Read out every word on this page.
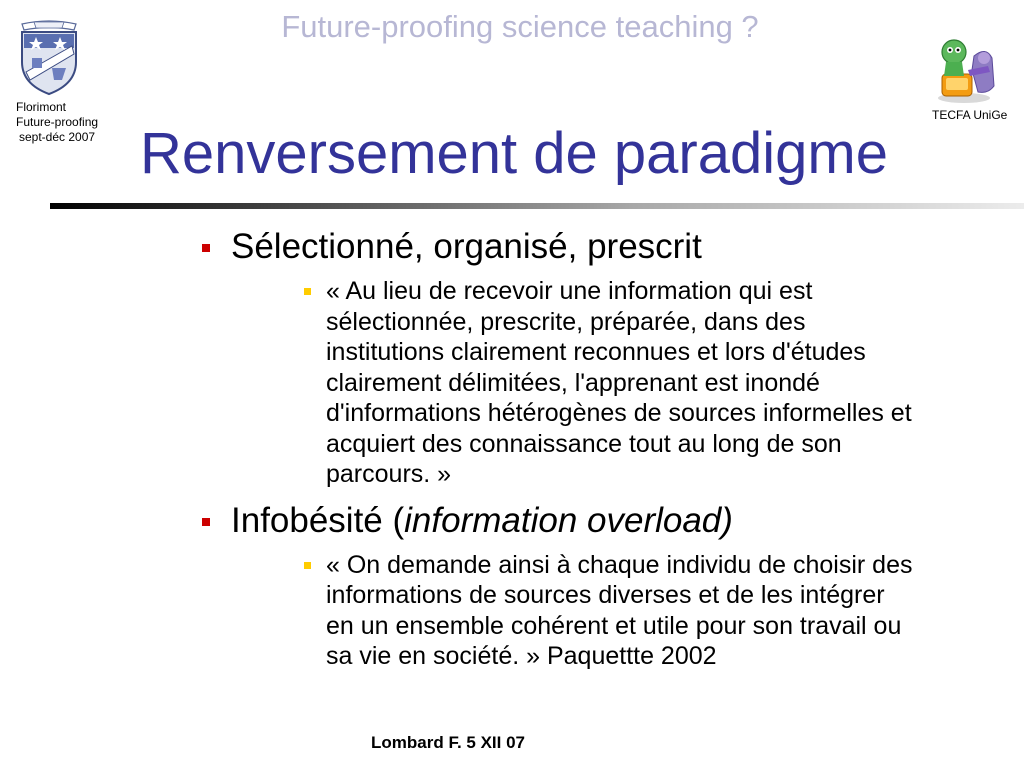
Future-proofing science teaching ?
Florimont
Future-proofing
sept-déc 2007
TECFA UniGe
Renversement de paradigme
Sélectionné, organisé, prescrit
« Au lieu de recevoir une information qui est
sélectionnée, prescrite, préparée, dans des
institutions clairement reconnues et lors d'études
clairement délimitées, l'apprenant est inondé
d'informations hétérogènes de sources informelles et
acquiert des connaissance tout au long de son
parcours. »
Infobésité (information overload)
« On demande ainsi à chaque individu de choisir des
informations de sources diverses et de les intégrer
en un ensemble cohérent et utile pour son travail ou
sa vie en société. » Paquettte 2002
Lombard F. 5 XII 07
